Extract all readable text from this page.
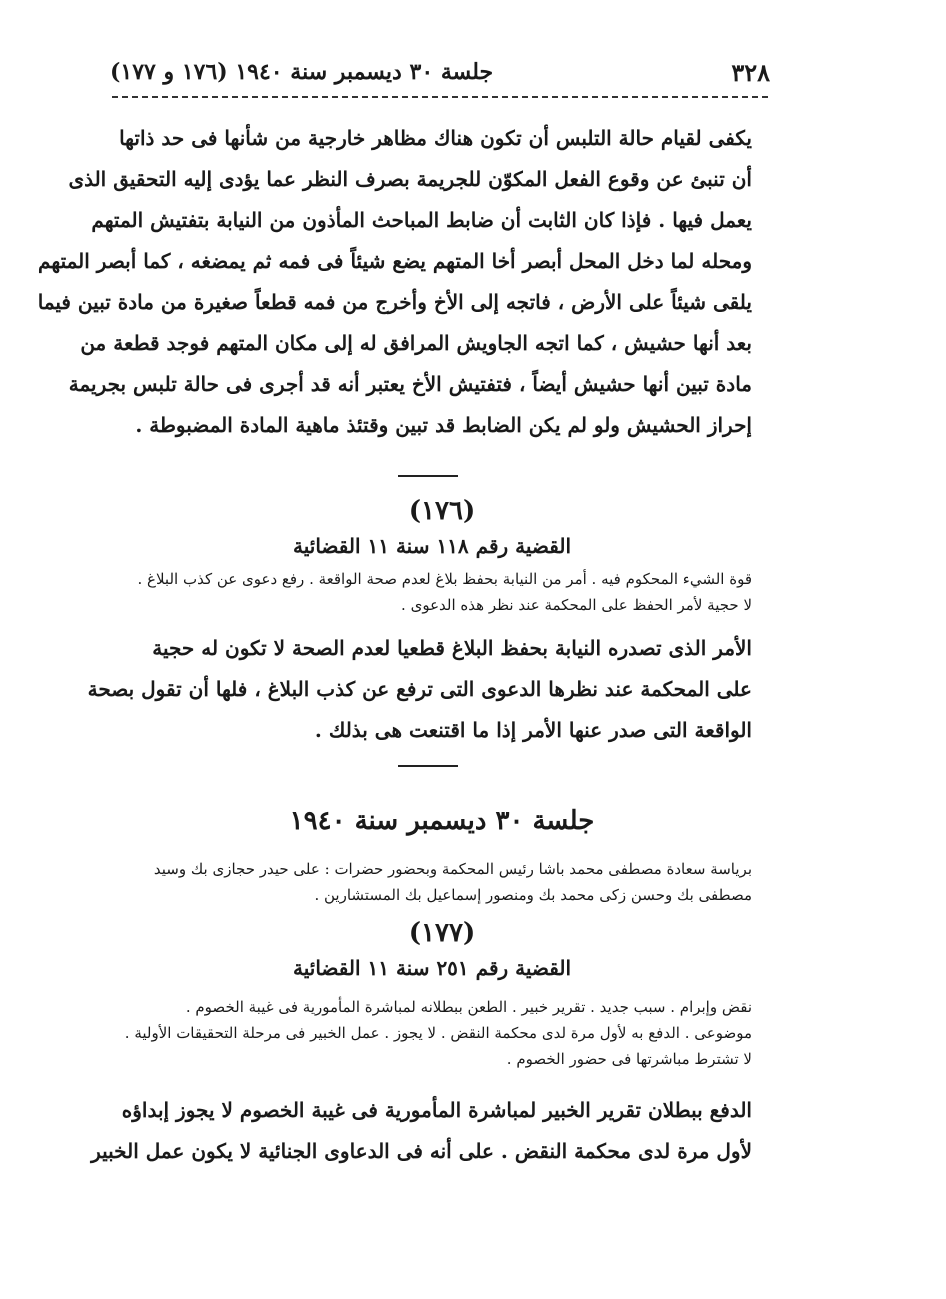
٣٢٨
جلسة ٣٠ ديسمبر سنة ١٩٤٠ (١٧٦ و ١٧٧)
يكفى لقيام حالة التلبس أن تكون هناك مظاهر خارجية من شأنها فى حد ذاتها
أن تنبئ عن وقوع الفعل المكوّن للجريمة بصرف النظر عما يؤدى إليه التحقيق الذى
يعمل فيها . فإذا كان الثابت أن ضابط المباحث المأذون من النيابة بتفتيش المتهم
ومحله لما دخل المحل أبصر أخا المتهم يضع شيئاً فى فمه ثم يمضغه ، كما أبصر المتهم
يلقى شيئاً على الأرض ، فاتجه إلى الأخ وأخرج من فمه قطعاً صغيرة من مادة تبين فيما
بعد أنها حشيش ، كما اتجه الجاويش المرافق له إلى مكان المتهم فوجد قطعة من
مادة تبين أنها حشيش أيضاً ، فتفتيش الأخ يعتبر أنه قد أجرى فى حالة تلبس بجريمة
إحراز الحشيش ولو لم يكن الضابط قد تبين وقتئذ ماهية المادة المضبوطة .
(١٧٦)
القضية رقم ١١٨ سنة ١١ القضائية
قوة الشيء المحكوم فيه . أمر من النيابة بحفظ بلاغ لعدم صحة الواقعة . رفع دعوى عن كذب البلاغ .
لا حجية لأمر الحفظ على المحكمة عند نظر هذه الدعوى .
الأمر الذى تصدره النيابة بحفظ البلاغ قطعيا لعدم الصحة لا تكون له حجية
على المحكمة عند نظرها الدعوى التى ترفع عن كذب البلاغ ، فلها أن تقول بصحة
الواقعة التى صدر عنها الأمر إذا ما اقتنعت هى بذلك .
جلسة ٣٠ ديسمبر سنة ١٩٤٠
برياسة سعادة مصطفى محمد باشا رئيس المحكمة وبحضور حضرات : على حيدر حجازى بك وسيد
مصطفى بك وحسن زكى محمد بك ومنصور إسماعيل بك المستشارين .
(١٧٧)
القضية رقم ٢٥١ سنة ١١ القضائية
نقض وإبرام . سبب جديد . تقرير خبير . الطعن ببطلانه لمباشرة المأمورية فى غيبة الخصوم .
موضوعى . الدفع به لأول مرة لدى محكمة النقض . لا يجوز . عمل الخبير فى مرحلة التحقيقات الأولية .
لا تشترط مباشرتها فى حضور الخصوم .
الدفع ببطلان تقرير الخبير لمباشرة المأمورية فى غيبة الخصوم لا يجوز إبداؤه
لأول مرة لدى محكمة النقض . على أنه فى الدعاوى الجنائية لا يكون عمل الخبير
